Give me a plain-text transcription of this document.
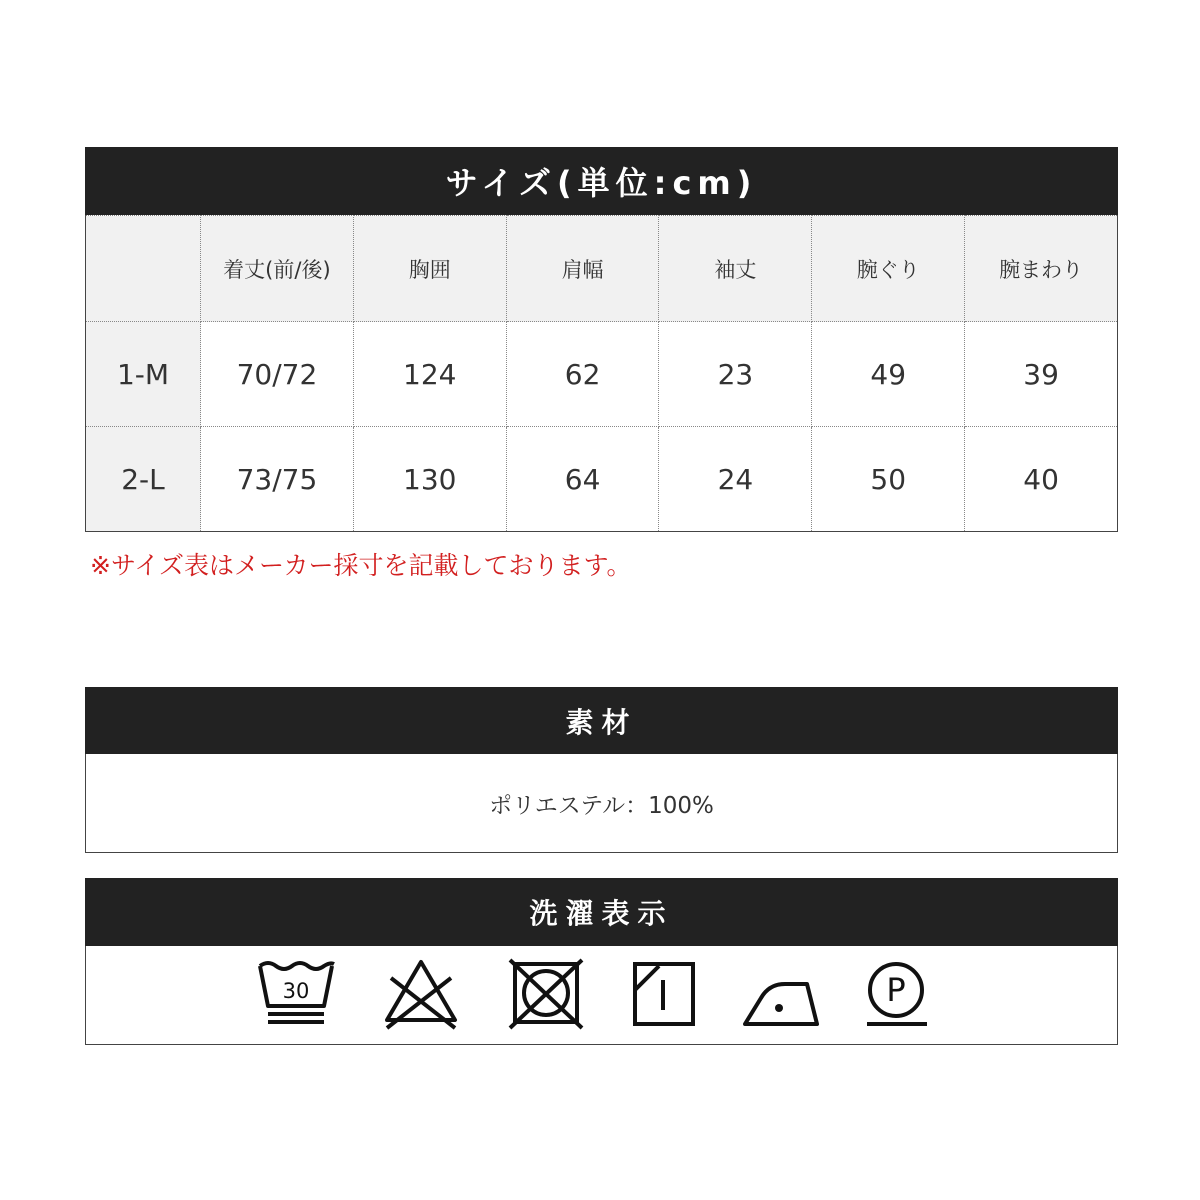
サイズ(単位:cm)
	着丈(前/後)	胸囲	肩幅	袖丈	腕ぐり	腕まわり
1-M	70/72	124	62	23	49	39
2-L	73/75	130	64	24	50	40
※サイズ表はメーカー採寸を記載しております。
素材
ポリエステル：100%
洗濯表示
30	P
